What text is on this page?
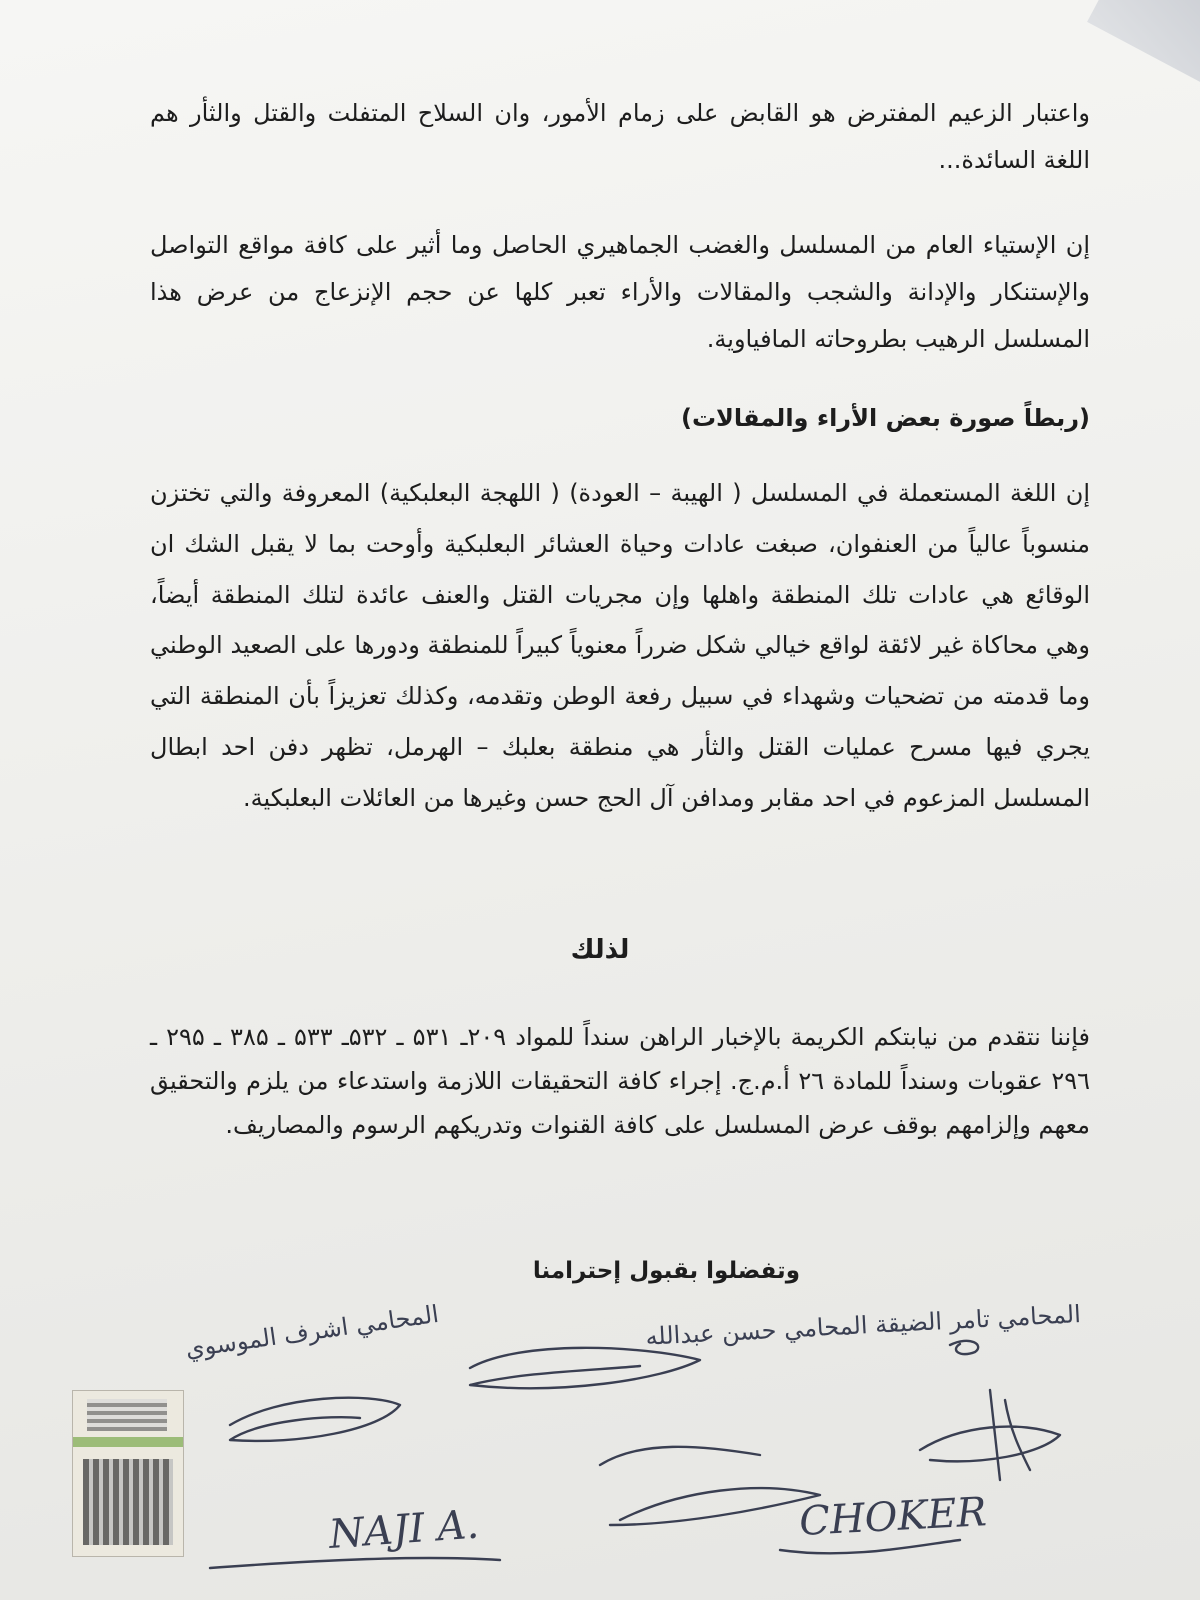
واعتبار الزعيم المفترض هو القابض على زمام الأمور، وان السلاح المتفلت والقتل والثأر هم اللغة السائدة...

إن الإستياء العام من المسلسل والغضب الجماهيري الحاصل وما أثير على كافة مواقع التواصل والإستنكار والإدانة والشجب والمقالات والأراء تعبر كلها عن حجم الإنزعاج من عرض هذا المسلسل الرهيب بطروحاته المافياوية.

(ربطاً صورة بعض الأراء والمقالات)

إن اللغة المستعملة في المسلسل ( الهيبة – العودة) ( اللهجة البعلبكية) المعروفة والتي تختزن منسوباً عالياً من العنفوان، صبغت عادات وحياة العشائر البعلبكية وأوحت بما لا يقبل الشك ان الوقائع هي عادات تلك المنطقة واهلها وإن مجريات القتل والعنف عائدة لتلك المنطقة أيضاً، وهي محاكاة غير لائقة لواقع خيالي شكل ضرراً معنوياً كبيراً للمنطقة ودورها على الصعيد الوطني وما قدمته من تضحيات وشهداء في سبيل رفعة الوطن وتقدمه، وكذلك تعزيزاً بأن المنطقة التي يجري فيها مسرح عمليات القتل والثأر هي منطقة بعلبك – الهرمل، تظهر دفن احد ابطال المسلسل المزعوم في احد مقابر ومدافن آل الحج حسن وغيرها من العائلات البعلبكية.

لذلك

فإننا نتقدم من نيابتكم الكريمة بالإخبار الراهن سنداً للمواد ۲۰۹ـ ۵۳۱ ـ ۵۳۲ـ ۵۳۳ ـ ۳۸۵ ـ ۲۹۵ ـ ۲۹٦ عقوبات وسنداً للمادة ۲٦ أ.م.ج. إجراء كافة التحقيقات اللازمة واستدعاء من يلزم والتحقيق معهم وإلزامهم بوقف عرض المسلسل على كافة القنوات وتدريكهم الرسوم والمصاريف.

وتفضلوا بقبول إحترامنا
المحامي تامر الضيقة المحامي حسن عبدالله
المحامي اشرف الموسوي
NAJI A.	CHOKER
